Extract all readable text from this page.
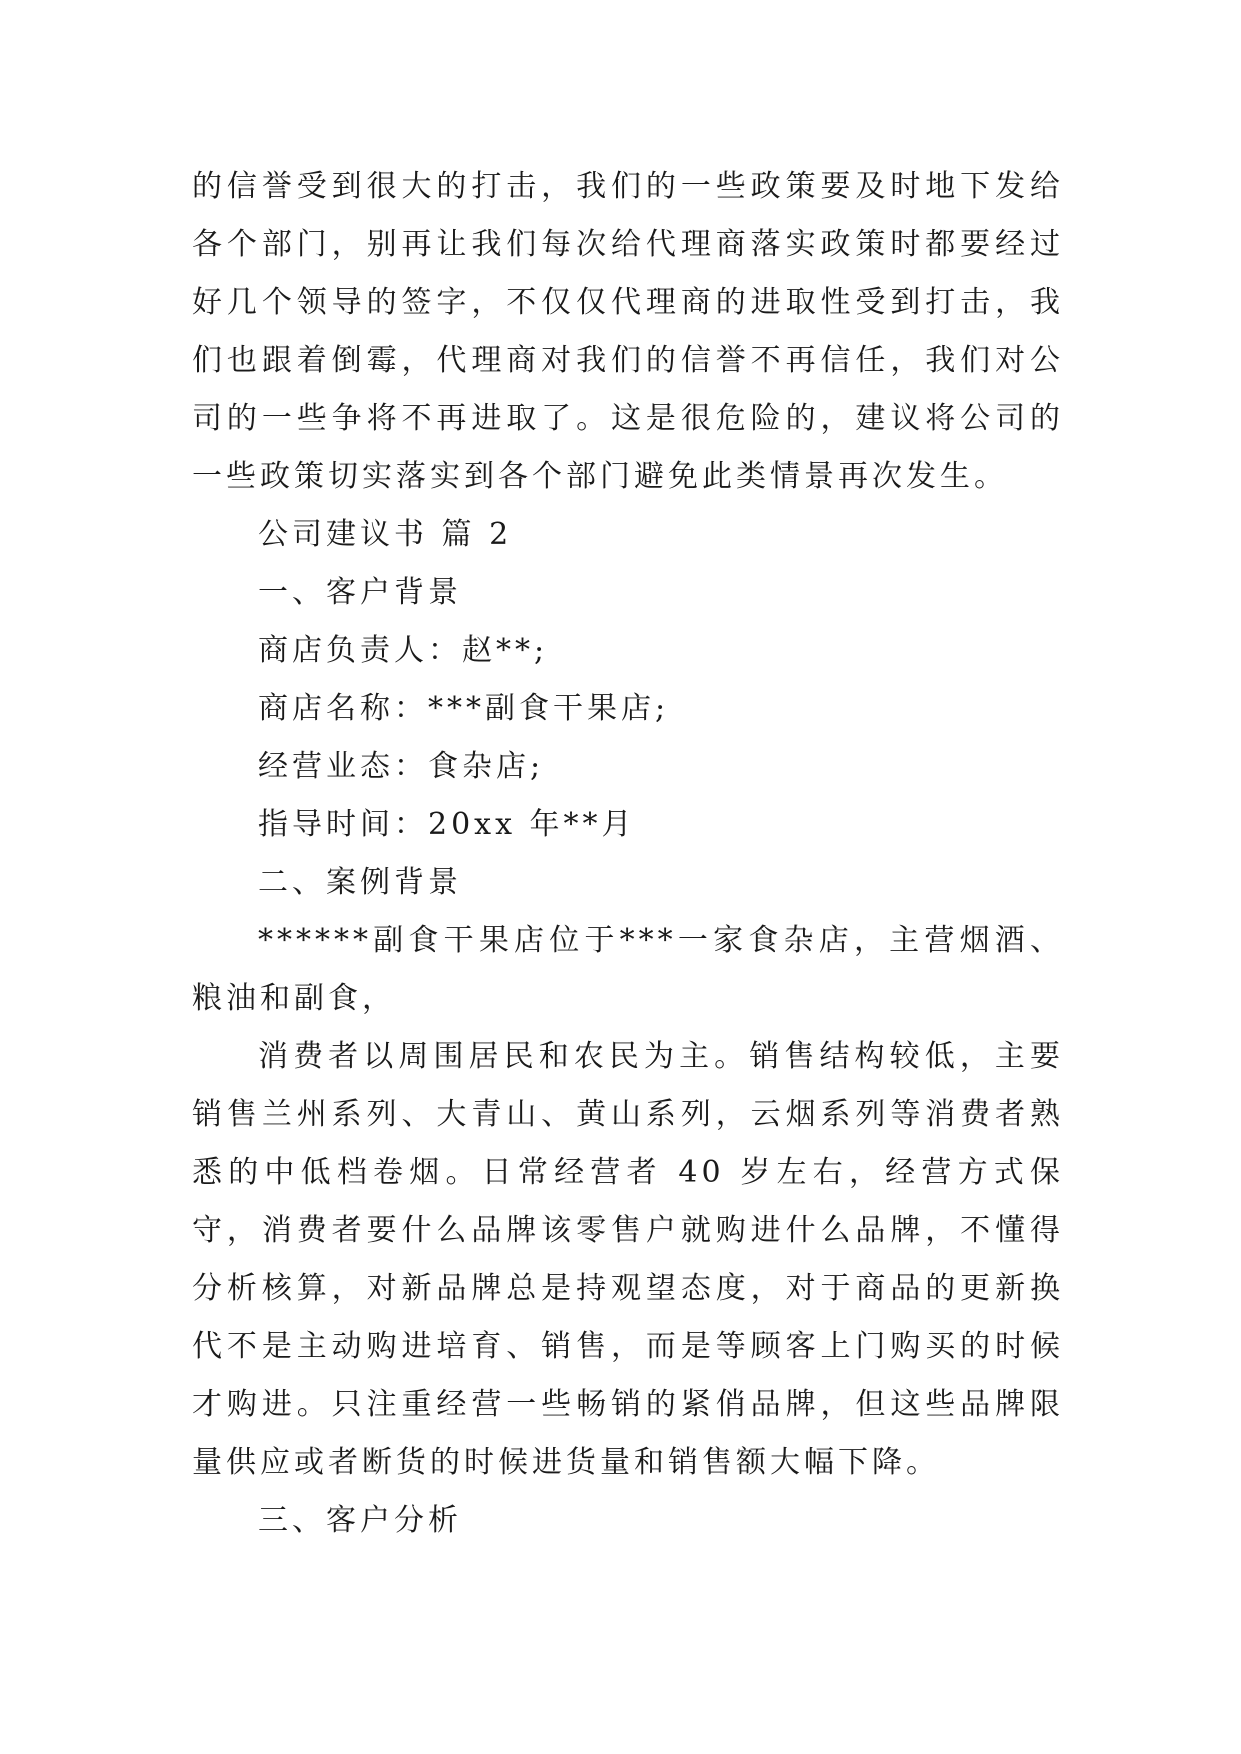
的信誉受到很大的打击，我们的一些政策要及时地下发给各个部门，别再让我们每次给代理商落实政策时都要经过好几个领导的签字，不仅仅代理商的进取性受到打击，我们也跟着倒霉，代理商对我们的信誉不再信任，我们对公司的一些争将不再进取了。这是很危险的，建议将公司的一些政策切实落实到各个部门避免此类情景再次发生。

公司建议书 篇 2

一、客户背景

商店负责人：赵**;

商店名称：***副食干果店;

经营业态：食杂店;

指导时间：20xx 年**月

二、案例背景

******副食干果店位于***一家食杂店，主营烟酒、粮油和副食，

消费者以周围居民和农民为主。销售结构较低，主要销售兰州系列、大青山、黄山系列，云烟系列等消费者熟悉的中低档卷烟。日常经营者 40 岁左右，经营方式保守，消费者要什么品牌该零售户就购进什么品牌，不懂得分析核算，对新品牌总是持观望态度，对于商品的更新换代不是主动购进培育、销售，而是等顾客上门购买的时候才购进。只注重经营一些畅销的紧俏品牌，但这些品牌限量供应或者断货的时候进货量和销售额大幅下降。

三、客户分析
